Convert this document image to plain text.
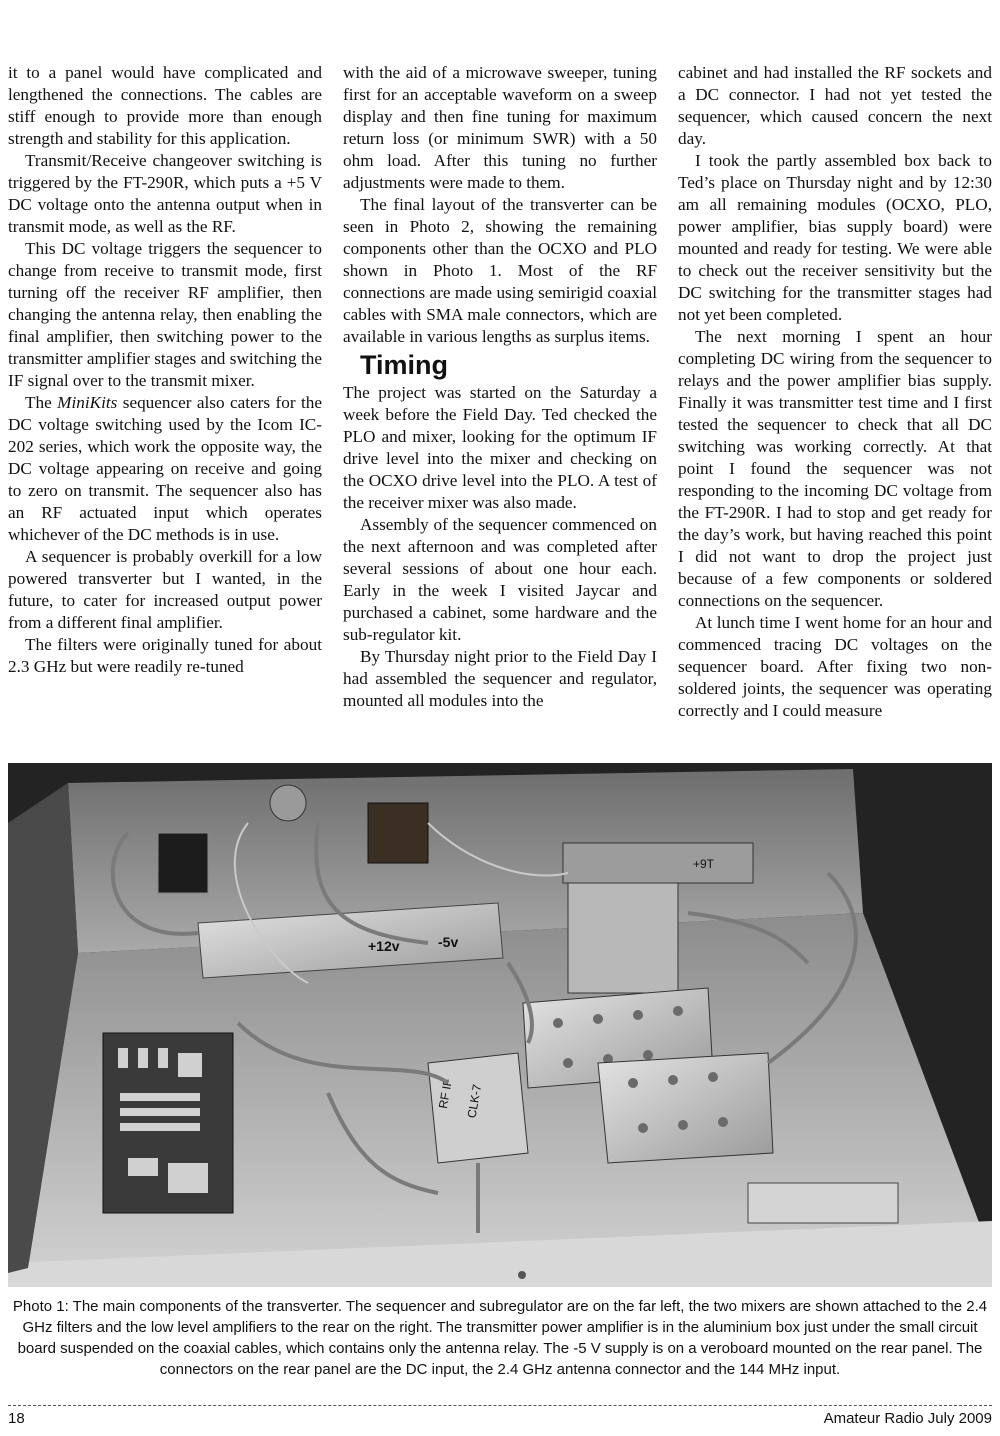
it to a panel would have complicated and lengthened the connections. The cables are stiff enough to provide more than enough strength and stability for this application.

Transmit/Receive changeover switching is triggered by the FT-290R, which puts a +5 V DC voltage onto the antenna output when in transmit mode, as well as the RF.

This DC voltage triggers the sequencer to change from receive to transmit mode, first turning off the receiver RF amplifier, then changing the antenna relay, then enabling the final amplifier, then switching power to the transmitter amplifier stages and switching the IF signal over to the transmit mixer.

The MiniKits sequencer also caters for the DC voltage switching used by the Icom IC-202 series, which work the opposite way, the DC voltage appearing on receive and going to zero on transmit. The sequencer also has an RF actuated input which operates whichever of the DC methods is in use.

A sequencer is probably overkill for a low powered transverter but I wanted, in the future, to cater for increased output power from a different final amplifier.

The filters were originally tuned for about 2.3 GHz but were readily re-tuned

with the aid of a microwave sweeper, tuning first for an acceptable waveform on a sweep display and then fine tuning for maximum return loss (or minimum SWR) with a 50 ohm load. After this tuning no further adjustments were made to them.

The final layout of the transverter can be seen in Photo 2, showing the remaining components other than the OCXO and PLO shown in Photo 1. Most of the RF connections are made using semirigid coaxial cables with SMA male connectors, which are available in various lengths as surplus items.

Timing

The project was started on the Saturday a week before the Field Day. Ted checked the PLO and mixer, looking for the optimum IF drive level into the mixer and checking on the OCXO drive level into the PLO. A test of the receiver mixer was also made.

Assembly of the sequencer commenced on the next afternoon and was completed after several sessions of about one hour each. Early in the week I visited Jaycar and purchased a cabinet, some hardware and the sub-regulator kit.

By Thursday night prior to the Field Day I had assembled the sequencer and regulator, mounted all modules into the

cabinet and had installed the RF sockets and a DC connector. I had not yet tested the sequencer, which caused concern the next day.

I took the partly assembled box back to Ted’s place on Thursday night and by 12:30 am all remaining modules (OCXO, PLO, power amplifier, bias supply board) were mounted and ready for testing. We were able to check out the receiver sensitivity but the DC switching for the transmitter stages had not yet been completed.

The next morning I spent an hour completing DC wiring from the sequencer to relays and the power amplifier bias supply. Finally it was transmitter test time and I first tested the sequencer to check that all DC switching was working correctly. At that point I found the sequencer was not responding to the incoming DC voltage from the FT-290R. I had to stop and get ready for the day’s work, but having reached this point I did not want to drop the project just because of a few components or soldered connections on the sequencer.

At lunch time I went home for an hour and commenced tracing DC voltages on the sequencer board. After fixing two non-soldered joints, the sequencer was operating correctly and I could measure

+12v	-5v
+9T
CLK-7
RF IF
Photo 1: The main components of the transverter. The sequencer and subregulator are on the far left, the two mixers are shown attached to the 2.4 GHz filters and the low level amplifiers to the rear on the right. The transmitter power amplifier is in the aluminium box just under the small circuit board suspended on the coaxial cables, which contains only the antenna relay. The -5 V supply is on a veroboard mounted on the rear panel. The connectors on the rear panel are the DC input, the 2.4 GHz antenna connector and the 144 MHz input.
18	Amateur Radio July 2009
